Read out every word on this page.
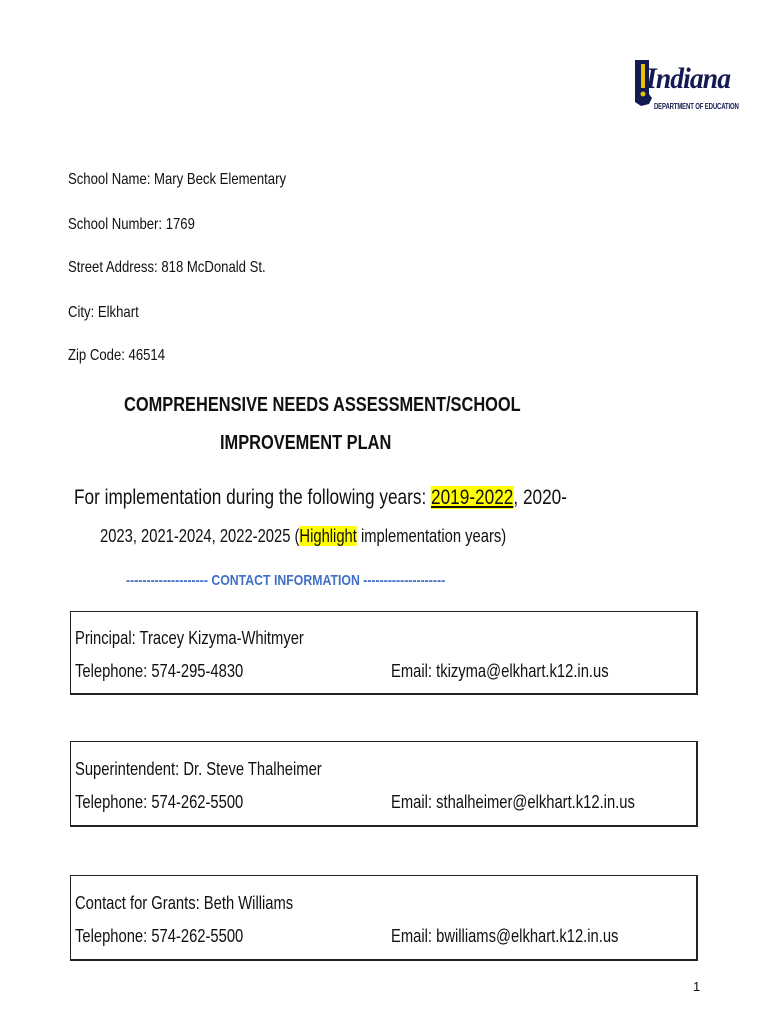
Indiana
DEPARTMENT OF EDUCATION
School Name: Mary Beck Elementary
School Number: 1769
Street Address: 818 McDonald St.
City: Elkhart
Zip Code: 46514
COMPREHENSIVE NEEDS ASSESSMENT/SCHOOL
IMPROVEMENT PLAN
For implementation during the following years: 2019-2022, 2020-
2023, 2021-2024, 2022-2025 (Highlight implementation years)
-------------------- CONTACT INFORMATION --------------------
Principal: Tracey Kizyma-Whitmyer
Telephone: 574-295-4830	Email: tkizyma@elkhart.k12.in.us
Superintendent: Dr. Steve Thalheimer
Telephone: 574-262-5500	Email: sthalheimer@elkhart.k12.in.us
Contact for Grants: Beth Williams
Telephone: 574-262-5500	Email: bwilliams@elkhart.k12.in.us
1
